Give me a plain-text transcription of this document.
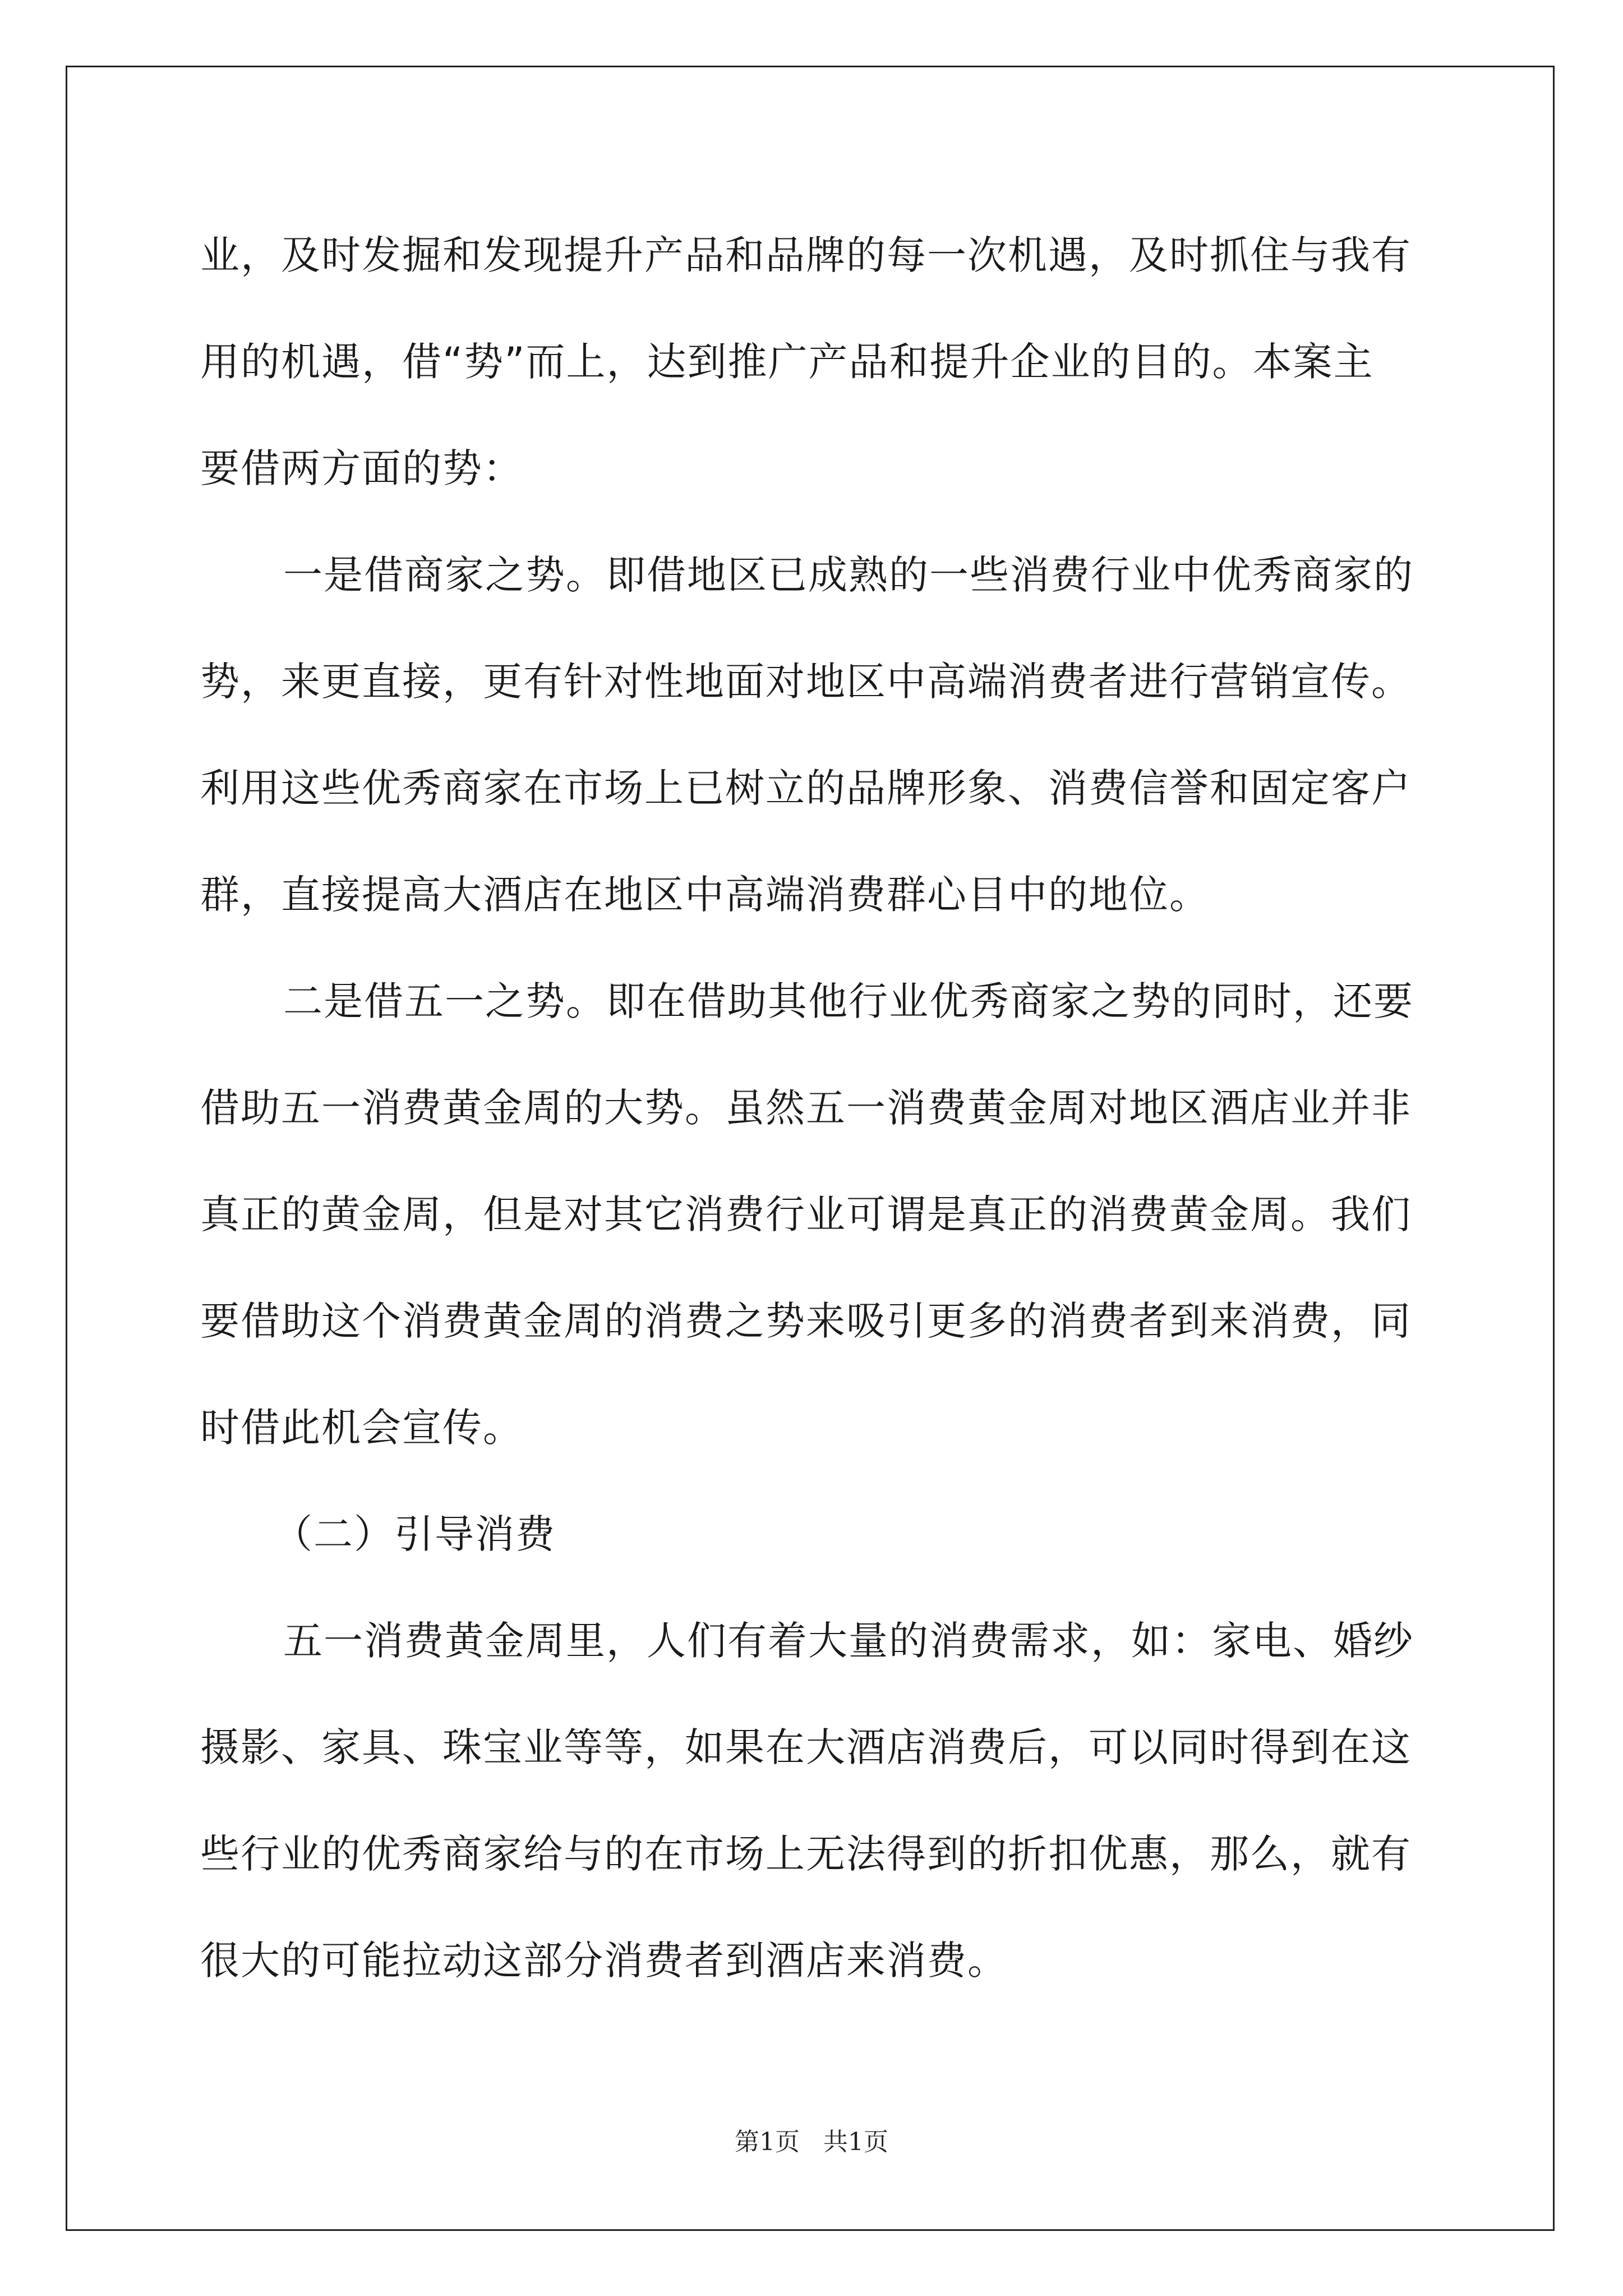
业，及时发掘和发现提升产品和品牌的每一次机遇，及时抓住与我有
用的机遇，借“势”而上，达到推广产品和提升企业的目的。本案主
要借两方面的势：
一是借商家之势。即借地区已成熟的一些消费行业中优秀商家的
势，来更直接，更有针对性地面对地区中高端消费者进行营销宣传。
利用这些优秀商家在市场上已树立的品牌形象、消费信誉和固定客户
群，直接提高大酒店在地区中高端消费群心目中的地位。
二是借五一之势。即在借助其他行业优秀商家之势的同时，还要
借助五一消费黄金周的大势。虽然五一消费黄金周对地区酒店业并非
真正的黄金周，但是对其它消费行业可谓是真正的消费黄金周。我们
要借助这个消费黄金周的消费之势来吸引更多的消费者到来消费，同
时借此机会宣传。
（二）引导消费
五一消费黄金周里，人们有着大量的消费需求，如：家电、婚纱
摄影、家具、珠宝业等等，如果在大酒店消费后，可以同时得到在这
些行业的优秀商家给与的在市场上无法得到的折扣优惠，那么，就有
很大的可能拉动这部分消费者到酒店来消费。
第1页   共1页
